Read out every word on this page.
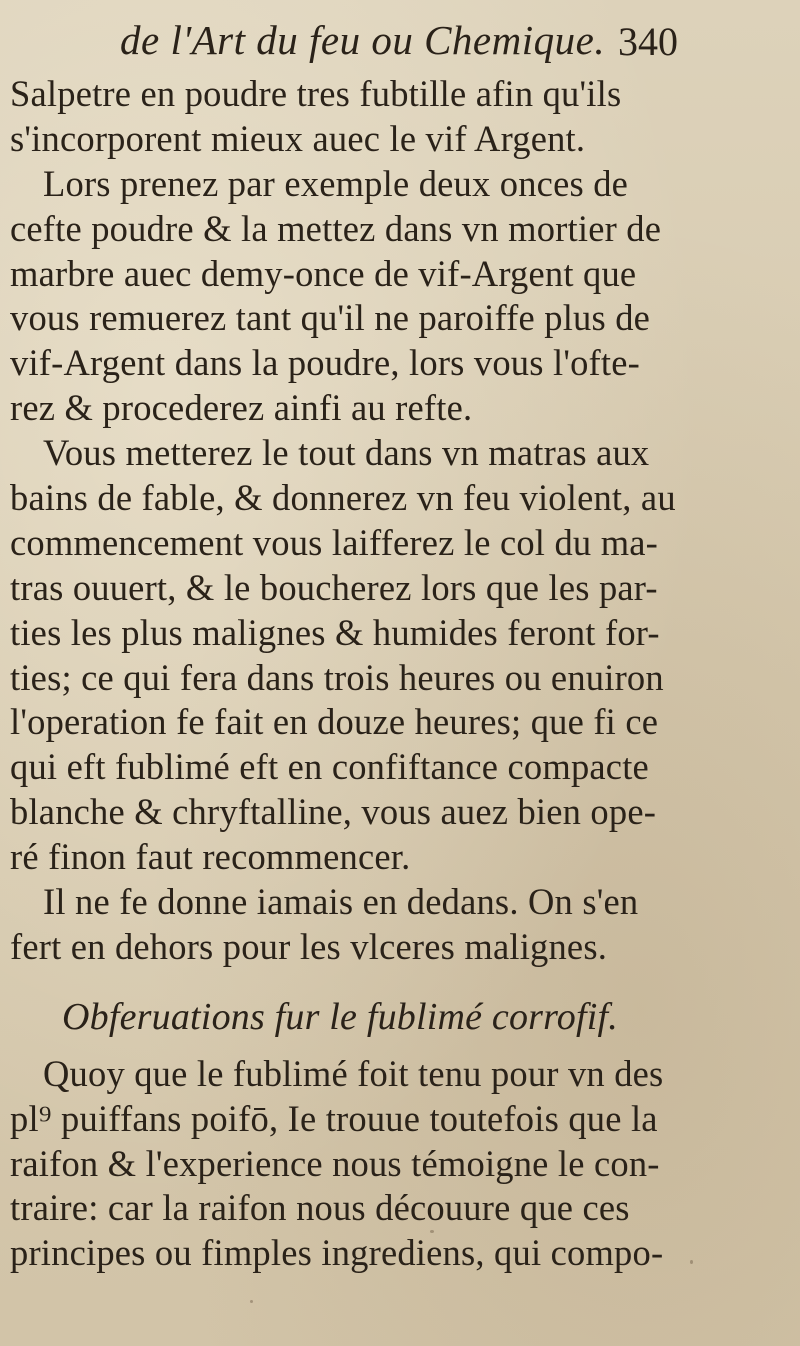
de l'Art du feu ou Chemique. 340
Salpetre en poudre tres fubtille afin qu'ils
s'incorporent mieux auec le vif Argent.
Lors prenez par exemple deux onces de
cefte poudre & la mettez dans vn mortier de
marbre auec demy-once de vif-Argent que
vous remuerez tant qu'il ne paroiffe plus de
vif-Argent dans la poudre, lors vous l'ofte-
rez & procederez ainfi au refte.
Vous metterez le tout dans vn matras aux
bains de fable, & donnerez vn feu violent, au
commencement vous laifferez le col du ma-
tras ouuert, & le boucherez lors que les par-
ties les plus malignes & humides feront for-
ties; ce qui fera dans trois heures ou enuiron
l'operation fe fait en douze heures; que fi ce
qui eft fublimé eft en confiftance compacte
blanche & chryftalline, vous auez bien ope-
ré finon faut recommencer.
Il ne fe donne iamais en dedans. On s'en
fert en dehors pour les vlceres malignes.
Obferuations fur le fublimé corrofif.
Quoy que le fublimé foit tenu pour vn des
pl⁹ puiffans poifō, Ie trouue toutefois que la
raifon & l'experience nous témoigne le con-
traire: car la raifon nous découure que ces
principes ou fimples ingrediens, qui compo-
